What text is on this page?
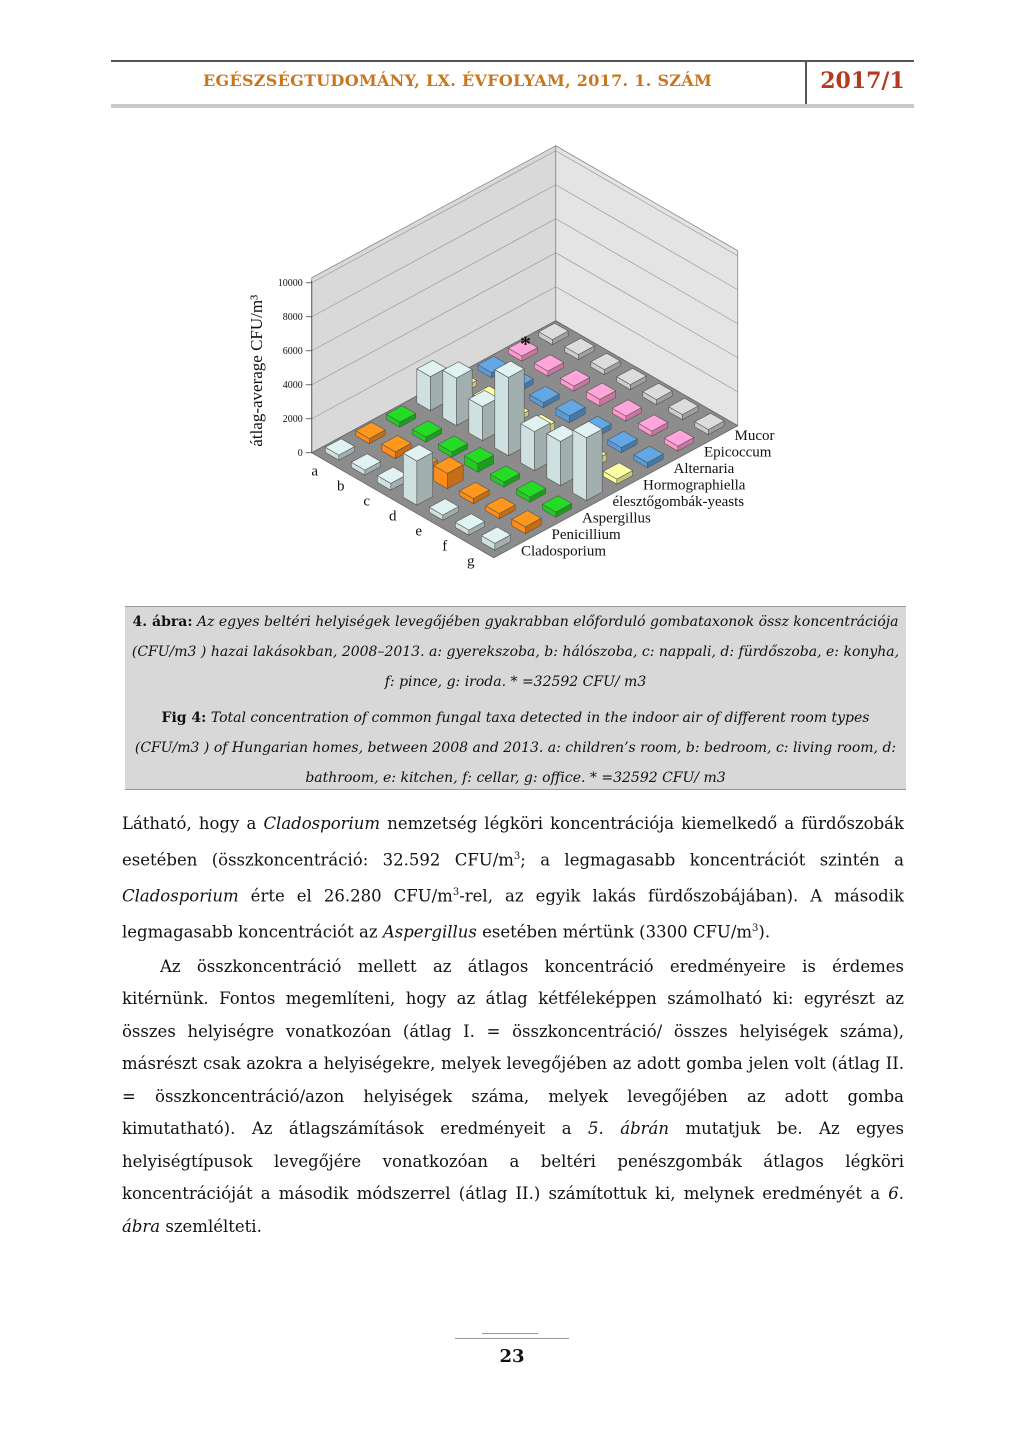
EGÉSZSÉGTUDOMÁNY, LX. ÉVFOLYAM, 2017. 1. SZÁM	2017/1
0
2000
4000
6000
8000
10000
átlag-average CFU/m³
a
b
c
d
e
f
g
Cladosporium
Penicillium
Aspergillus
élesztőgombák-yeasts
Hormographiella
Alternaria
Epicoccum
Mucor
*

4. ábra: Az egyes beltéri helyiségek levegőjében gyakrabban előforduló gombataxonok össz koncentrációja (CFU/m3 ) hazai lakásokban, 2008–2013. a: gyerekszoba, b: hálószoba, c: nappali, d: fürdőszoba, e: konyha, f: pince, g: iroda. * =32592 CFU/ m3

Fig 4: Total concentration of common fungal taxa detected in the indoor air of different room types (CFU/m3 ) of Hungarian homes, between 2008 and 2013. a: children’s room, b: bedroom, c: living room, d: bathroom, e: kitchen, f: cellar, g: office. * =32592 CFU/ m3

Látható, hogy a Cladosporium nemzetség légköri koncentrációja kiemelkedő a fürdőszobák esetében (összkoncentráció: 32.592 CFU/$m^3$; a legmagasabb koncentrációt szintén a Cladosporium érte el 26.280 CFU/$m^3$-rel, az egyik lakás fürdőszobájában). A második legmagasabb koncentrációt az Aspergillus esetében mértünk (3300 CFU/$m^3$).

Az összkoncentráció mellett az átlagos koncentráció eredményeire is érdemes kitérnünk. Fontos megemlíteni, hogy az átlag kétféleképpen számolható ki: egyrészt az összes helyiségre vonatkozóan (átlag I. = összkoncentráció/ összes helyiségek száma), másrészt csak azokra a helyiségekre, melyek levegőjében az adott gomba jelen volt (átlag II. = összkoncentráció/azon helyiségek száma, melyek levegőjében az adott gomba kimutatható). Az átlagszámítások eredményeit a 5. ábrán mutatjuk be. Az egyes helyiségtípusok levegőjére vonatkozóan a beltéri penészgombák átlagos légköri koncentrációját a második módszerrel (átlag II.) számítottuk ki, melynek eredményét a 6. ábra szemlélteti.

23
